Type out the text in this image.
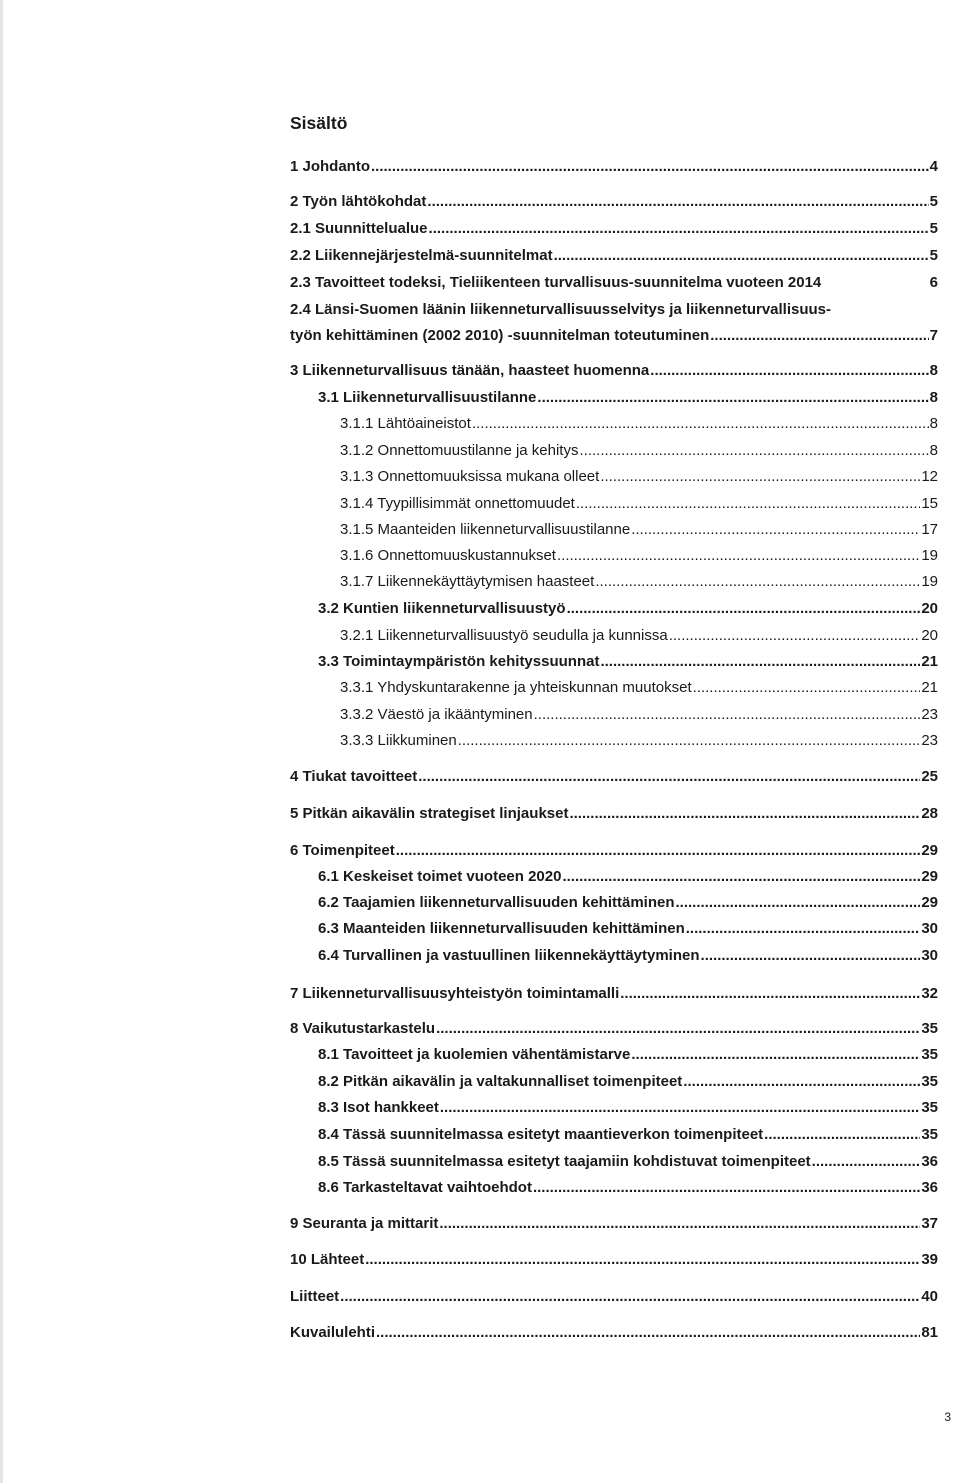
Sisältö
1 Johdanto .....	4
2 Työn lähtökohdat .....	5
2.1 Suunnittelualue .....	5
2.2 Liikennejärjestelmä-suunnitelmat .....	5
2.3 Tavoitteet todeksi, Tieliikenteen turvallisuus-suunnitelma vuoteen 2014	6
2.4 Länsi-Suomen läänin liikenneturvallisuusselvitys ja liikenneturvallisuus-
työn kehittäminen (2002 2010) -suunnitelman toteutuminen .....	7
3 Liikenneturvallisuus tänään, haasteet huomenna .....	8
3.1 Liikenneturvallisuustilanne .....	8
3.1.1 Lähtöaineistot .....	8
3.1.2 Onnettomuustilanne ja kehitys .....	8
3.1.3 Onnettomuuksissa mukana olleet .....	12
3.1.4 Tyypillisimmät onnettomuudet .....	15
3.1.5 Maanteiden liikenneturvallisuustilanne .....	17
3.1.6 Onnettomuuskustannukset .....	19
3.1.7 Liikennekäyttäytymisen haasteet .....	19
3.2 Kuntien liikenneturvallisuustyö .....	20
3.2.1 Liikenneturvallisuustyö seudulla ja kunnissa .....	20
3.3 Toimintaympäristön kehityssuunnat .....	21
3.3.1 Yhdyskuntarakenne ja yhteiskunnan muutokset .....	21
3.3.2 Väestö ja ikääntyminen .....	23
3.3.3 Liikkuminen .....	23
4 Tiukat tavoitteet .....	25
5 Pitkän aikavälin strategiset linjaukset .....	28
6 Toimenpiteet .....	29
6.1 Keskeiset toimet vuoteen 2020 .....	29
6.2 Taajamien liikenneturvallisuuden kehittäminen .....	29
6.3 Maanteiden liikenneturvallisuuden kehittäminen .....	30
6.4 Turvallinen ja vastuullinen liikennekäyttäytyminen .....	30
7 Liikenneturvallisuusyhteistyön toimintamalli .....	32
8 Vaikutustarkastelu .....	35
8.1 Tavoitteet ja kuolemien vähentämistarve .....	35
8.2 Pitkän aikavälin ja valtakunnalliset toimenpiteet .....	35
8.3 Isot hankkeet .....	35
8.4 Tässä suunnitelmassa esitetyt maantieverkon toimenpiteet .....	35
8.5 Tässä suunnitelmassa esitetyt taajamiin kohdistuvat toimenpiteet .....	36
8.6 Tarkasteltavat vaihtoehdot .....	36
9 Seuranta ja mittarit .....	37
10 Lähteet .....	39
Liitteet .....	40
Kuvailulehti .....	81
3
